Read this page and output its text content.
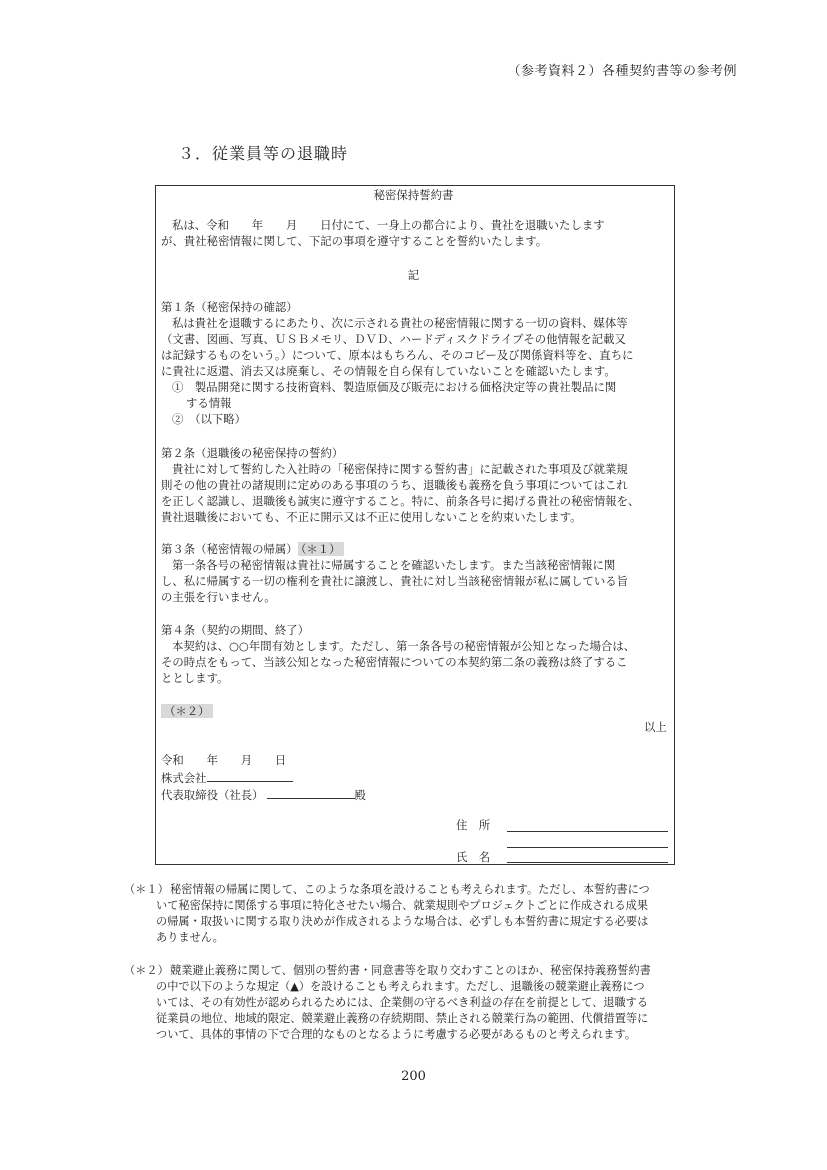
（参考資料２）各種契約書等の参考例
３．従業員等の退職時
秘密保持誓約書
私は、令和　　年　　月　　日付にて、一身上の都合により、貴社を退職いたします
が、貴社秘密情報に関して、下記の事項を遵守することを誓約いたします。
記
第１条（秘密保持の確認）
私は貴社を退職するにあたり、次に示される貴社の秘密情報に関する一切の資料、媒体等
（文書、図画、写真、ＵＳＢメモリ、ＤＶＤ、ハードディスクドライブその他情報を記載又
は記録するものをいう。）について、原本はもちろん、そのコピー及び関係資料等を、直ちに
に貴社に返還、消去又は廃棄し、その情報を自ら保有していないことを確認いたします。
①　製品開発に関する技術資料、製造原価及び販売における価格決定等の貴社製品に関
する情報
②　（以下略）
第２条（退職後の秘密保持の誓約）
貴社に対して誓約した入社時の「秘密保持に関する誓約書」に記載された事項及び就業規
則その他の貴社の諸規則に定めのある事項のうち、退職後も義務を負う事項についてはこれ
を正しく認識し、退職後も誠実に遵守すること。特に、前条各号に掲げる貴社の秘密情報を、
貴社退職後においても、不正に開示又は不正に使用しないことを約束いたします。
第３条（秘密情報の帰属） （＊１）
第一条各号の秘密情報は貴社に帰属することを確認いたします。また当該秘密情報に関
し、私に帰属する一切の権利を貴社に譲渡し、貴社に対し当該秘密情報が私に属している旨
の主張を行いません。
第４条（契約の期間、終了）
本契約は、○○年間有効とします。ただし、第一条各号の秘密情報が公知となった場合は、
その時点をもって、当該公知となった秘密情報についての本契約第二条の義務は終了するこ
ととします。
（＊２）
以上
令和　　年　　月　　日
株式会社
代表取締役（社長）	殿
住　所
氏　名
（＊１） 秘密情報の帰属に関して、このような条項を設けることも考えられます。ただし、本誓約書につ
いて秘密保持に関係する事項に特化させたい場合、就業規則やプロジェクトごとに作成される成果
の帰属・取扱いに関する取り決めが作成されるような場合は、必ずしも本誓約書に規定する必要は
ありません。
（＊２） 競業避止義務に関して、個別の誓約書・同意書等を取り交わすことのほか、秘密保持義務誓約書
の中で以下のような規定（▲）を設けることも考えられます。ただし、退職後の競業避止義務につ
いては、その有効性が認められるためには、企業側の守るべき利益の存在を前提として、退職する
従業員の地位、地域的限定、競業避止義務の存続期間、禁止される競業行為の範囲、代償措置等に
ついて、具体的事情の下で合理的なものとなるように考慮する必要があるものと考えられます。
200
